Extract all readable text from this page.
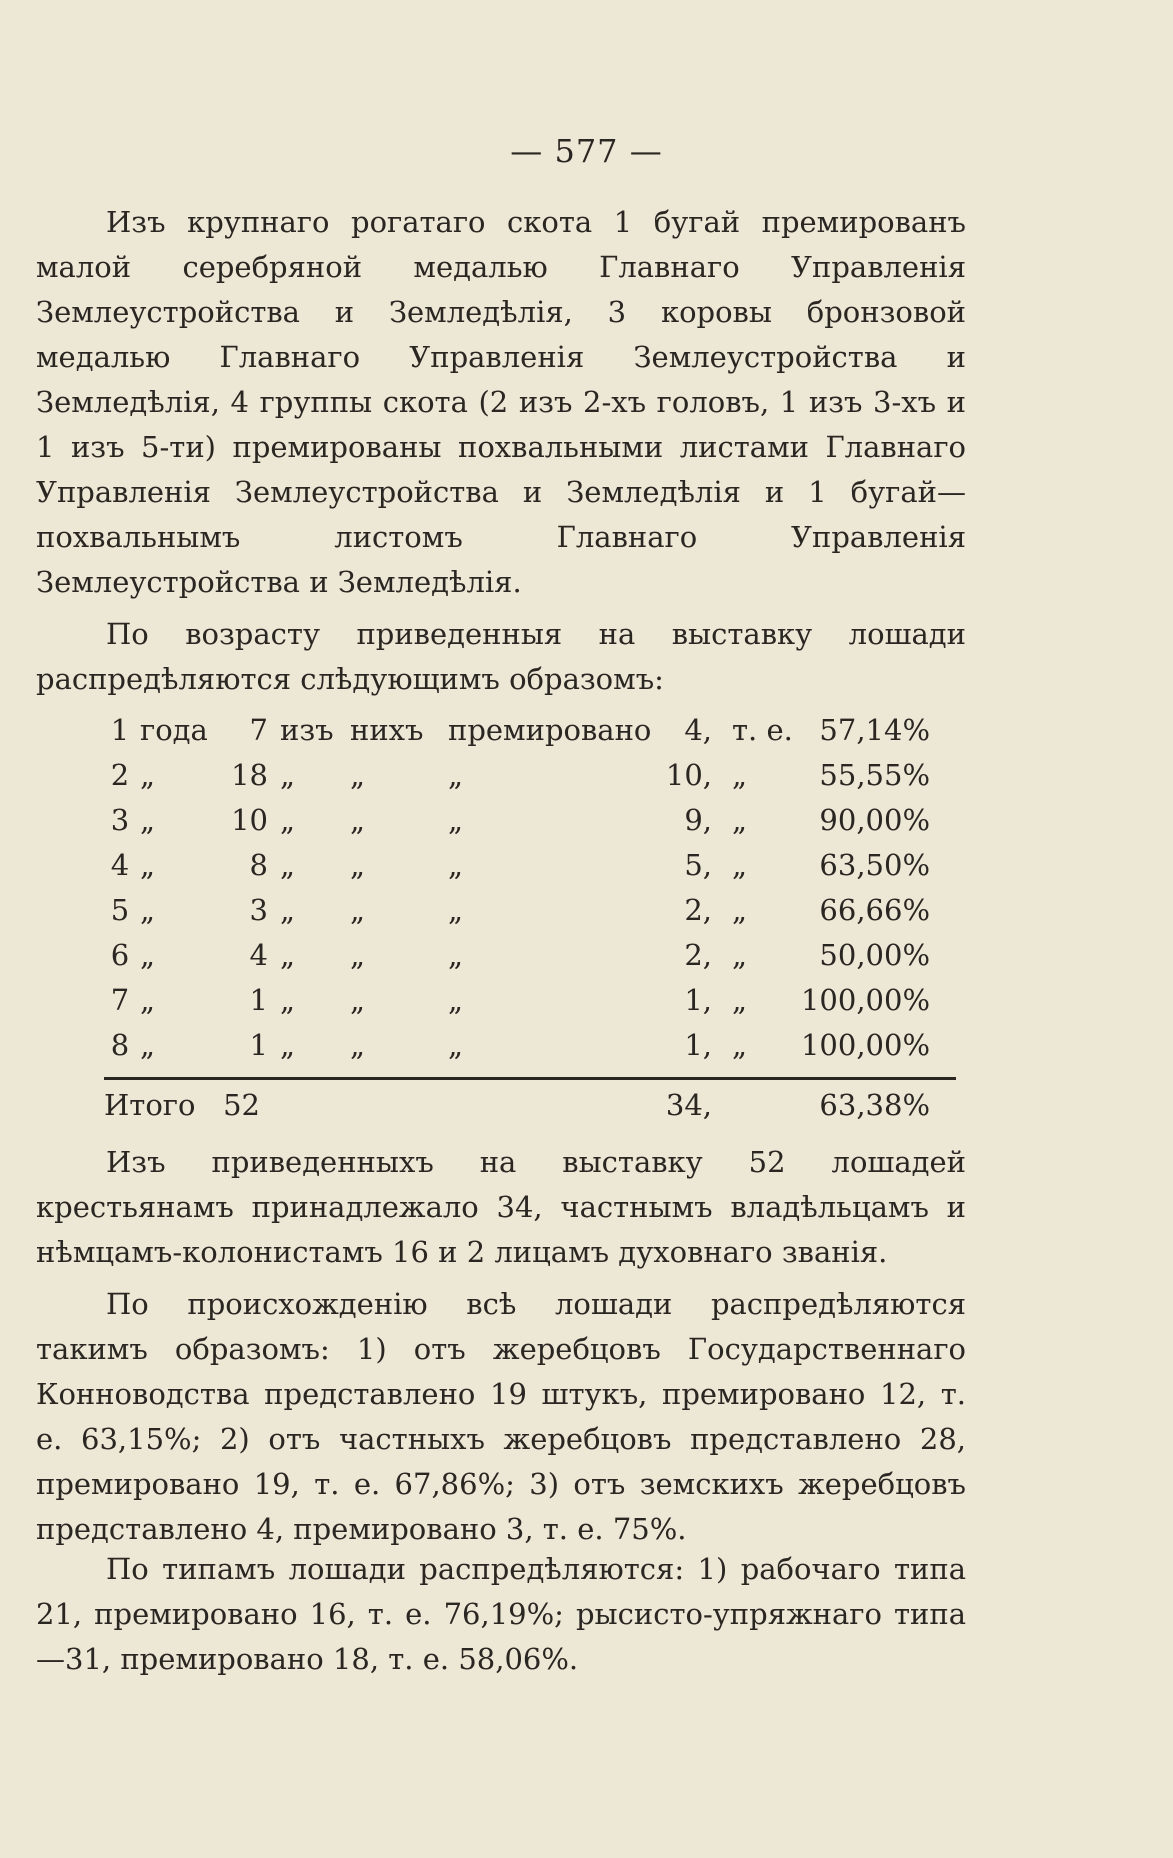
— 577 —

Изъ крупнаго рогатаго скота 1 бугай премированъ малой серебряной медалью Главнаго Управленія Землеустройства и Земледѣлія, 3 коровы бронзовой медалью Главнаго Управленія Землеустройства и Земледѣлія, 4 группы скота (2 изъ 2-хъ головъ, 1 изъ 3-хъ и 1 изъ 5-ти) премированы похвальными листами Главнаго Управленія Землеустройства и Земледѣлія и 1 бугай—похвальнымъ листомъ Главнаго Управленія Землеустройства и Земледѣлія.

По возрасту приведенныя на выставку лошади распредѣляются слѣдующимъ образомъ:

1 года	7 изъ нихъ премировано	4, т. е. 57,14%
2 „	18 „ „	„	10, „	55,55%
3 „	10 „ „	„	9, „	90,00%
4 „	8 „ „	„	5, „	63,50%
5 „	3 „ „	„	2, „	66,66%
6 „	4 „ „	„	2, „	50,00%
7 „	1 „ „	„	1, „	100,00%
8 „	1 „ „	„	1, „	100,00%
Итого 52	34,	63,38%

Изъ приведенныхъ на выставку 52 лошадей крестьянамъ принадлежало 34, частнымъ владѣльцамъ и нѣмцамъ-колонистамъ 16 и 2 лицамъ духовнаго званія.

По происхожденію всѣ лошади распредѣляются такимъ образомъ: 1) отъ жеребцовъ Государственнаго Конноводства представлено 19 штукъ, премировано 12, т. е. 63,15%; 2) отъ частныхъ жеребцовъ представлено 28, премировано 19, т. е. 67,86%; 3) отъ земскихъ жеребцовъ представлено 4, премировано 3, т. е. 75%.

По типамъ лошади распредѣляются: 1) рабочаго типа 21, премировано 16, т. е. 76,19%; рысисто-упряжнаго типа—31, премировано 18, т. е. 58,06%.
